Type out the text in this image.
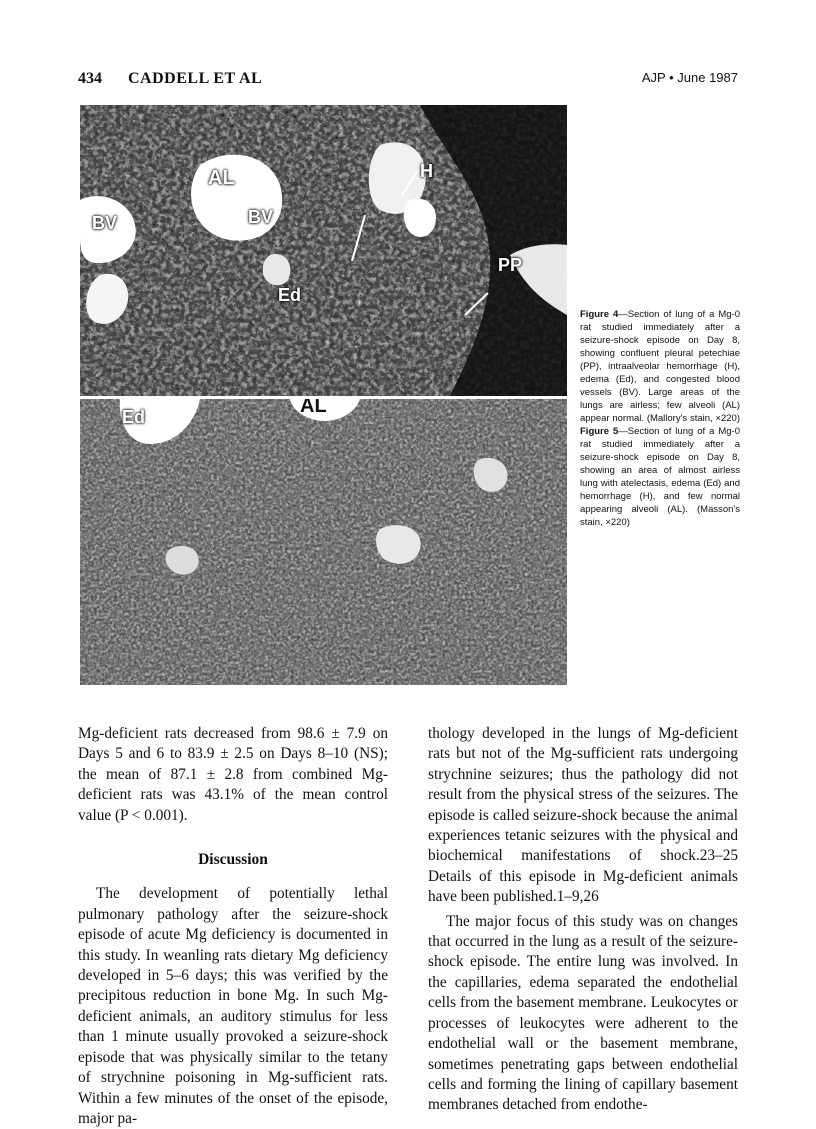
434 CADDELL ET AL	AJP • June 1987
AL
BV	BV
H
PP
Ed
Ed	AL
Figure 4—Section of lung of a Mg-0 rat studied immediately after a seizure-shock episode on Day 8, showing confluent pleural petechiae (PP), intraalveolar hemorrhage (H), edema (Ed), and congested blood vessels (BV). Large areas of the lungs are airless; few alveoli (AL) appear normal. (Mallory's stain, ×220) Figure 5—Section of lung of a Mg-0 rat studied immediately after a seizure-shock episode on Day 8, showing an area of almost airless lung with atelectasis, edema (Ed) and hemorrhage (H), and few normal appearing alveoli (AL). (Masson's stain, ×220)

Mg-deficient rats decreased from 98.6 ± 7.9 on Days 5 and 6 to 83.9 ± 2.5 on Days 8–10 (NS); the mean of 87.1 ± 2.8 from combined Mg-deficient rats was 43.1% of the mean control value (P < 0.001).

Discussion

The development of potentially lethal pulmonary pathology after the seizure-shock episode of acute Mg deficiency is documented in this study. In weanling rats dietary Mg deficiency developed in 5–6 days; this was verified by the precipitous reduction in bone Mg. In such Mg-deficient animals, an auditory stimulus for less than 1 minute usually provoked a seizure-shock episode that was physically similar to the tetany of strychnine poisoning in Mg-sufficient rats. Within a few minutes of the onset of the episode, major pa-

thology developed in the lungs of Mg-deficient rats but not of the Mg-sufficient rats undergoing strychnine seizures; thus the pathology did not result from the physical stress of the seizures. The episode is called seizure-shock because the animal experiences tetanic seizures with the physical and biochemical manifestations of shock.23–25 Details of this episode in Mg-deficient animals have been published.1–9,26

The major focus of this study was on changes that occurred in the lung as a result of the seizure-shock episode. The entire lung was involved. In the capillaries, edema separated the endothelial cells from the basement membrane. Leukocytes or processes of leukocytes were adherent to the endothelial wall or the basement membrane, sometimes penetrating gaps between endothelial cells and forming the lining of capillary basement membranes detached from endothe-
